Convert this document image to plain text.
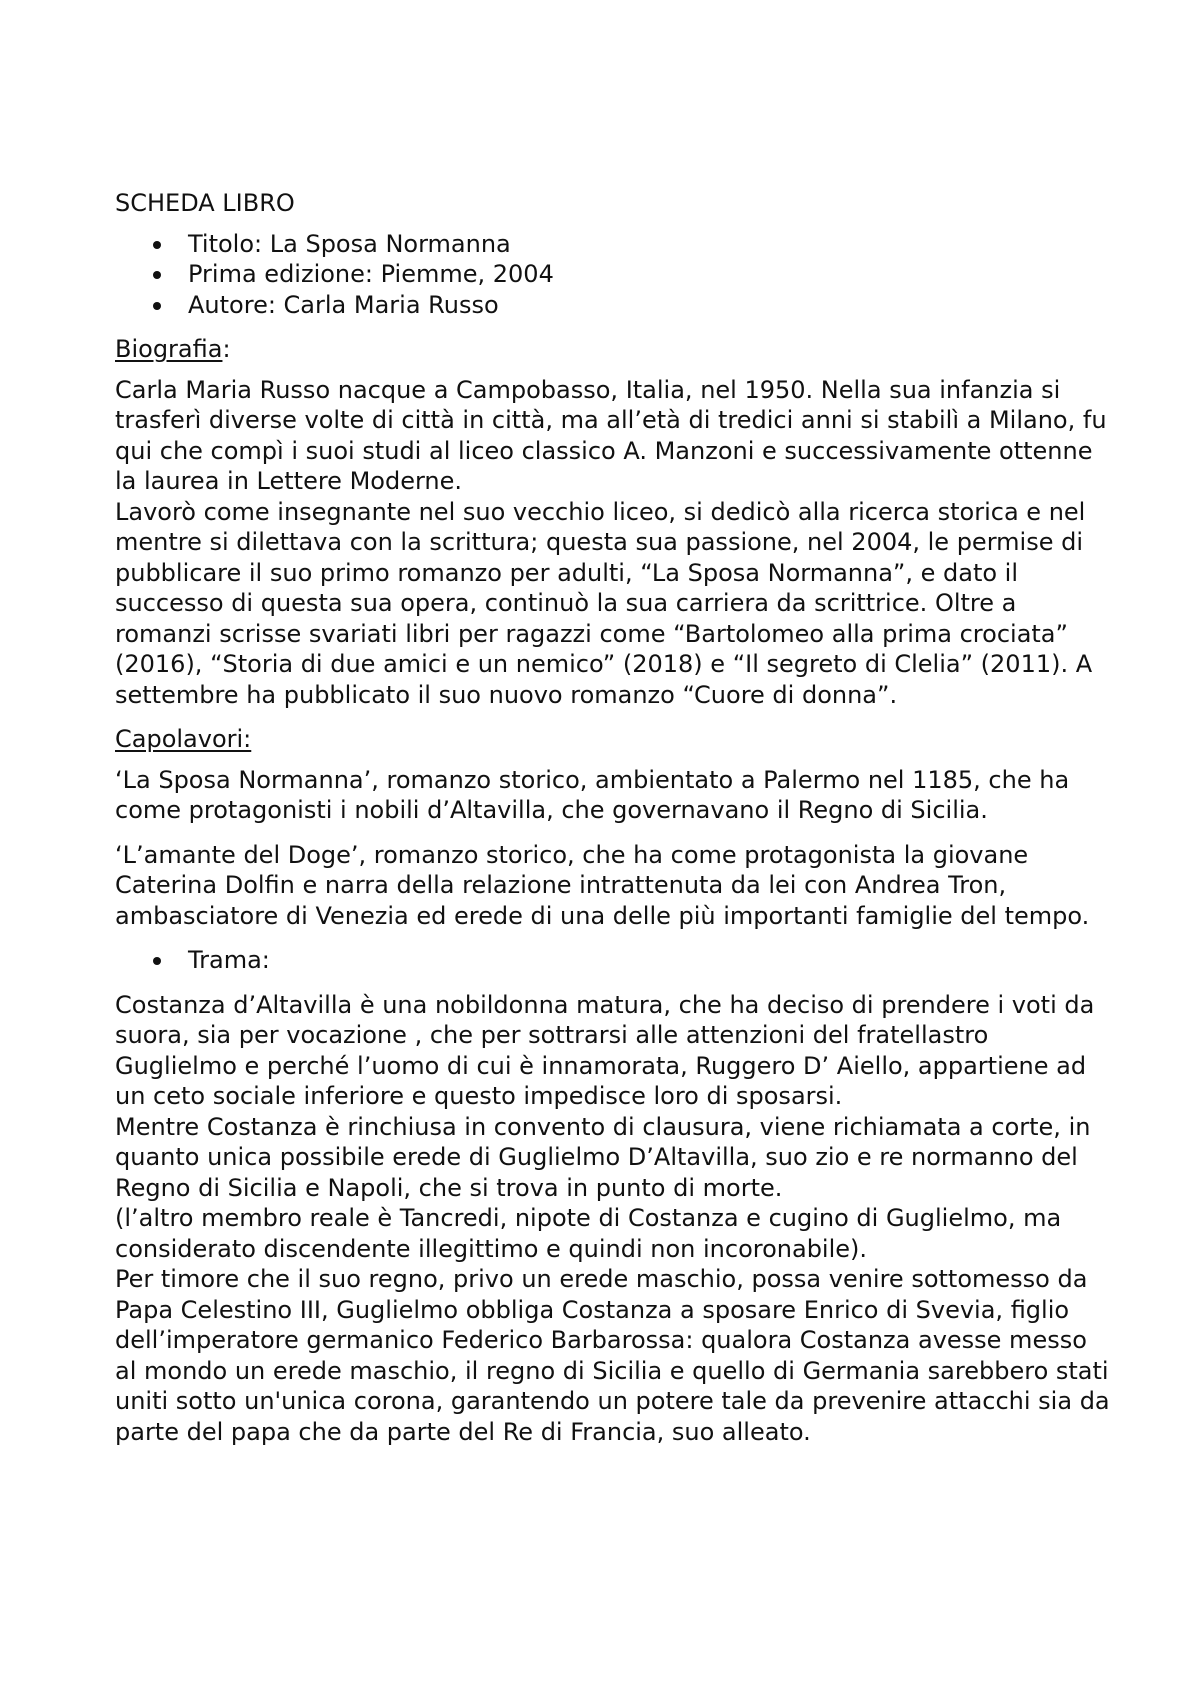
SCHEDA LIBRO
Titolo: La Sposa Normanna
Prima edizione: Piemme, 2004
Autore: Carla Maria Russo
Biografia:

Carla Maria Russo nacque a Campobasso, Italia, nel 1950. Nella sua infanzia si trasferì diverse volte di città in città, ma all’età di tredici anni si stabilì a Milano, fu qui che compì i suoi studi al liceo classico A. Manzoni e successivamente ottenne la laurea in Lettere Moderne.
Lavorò come insegnante nel suo vecchio liceo, si dedicò alla ricerca storica e nel mentre si dilettava con la scrittura; questa sua passione, nel 2004, le permise di pubblicare il suo primo romanzo per adulti, “La Sposa Normanna”, e dato il successo di questa sua opera, continuò la sua carriera da scrittrice. Oltre a romanzi scrisse svariati libri per ragazzi come “Bartolomeo alla prima crociata” (2016), “Storia di due amici e un nemico” (2018) e “Il segreto di Clelia” (2011). A settembre ha pubblicato il suo nuovo romanzo “Cuore di donna”.

Capolavori:

‘La Sposa Normanna’, romanzo storico, ambientato a Palermo nel 1185, che ha come protagonisti i nobili d’Altavilla, che governavano il Regno di Sicilia.

‘L’amante del Doge’, romanzo storico, che ha come protagonista la giovane Caterina Dolfin e narra della relazione intrattenuta da lei con Andrea Tron, ambasciatore di Venezia ed erede di una delle più importanti famiglie del tempo.

Trama:
Costanza d’Altavilla è una nobildonna matura, che ha deciso di prendere i voti da suora, sia per vocazione , che per sottrarsi alle attenzioni del fratellastro Guglielmo e perché l’uomo di cui è innamorata, Ruggero D’ Aiello, appartiene ad un ceto sociale inferiore e questo impedisce loro di sposarsi.
Mentre Costanza è rinchiusa in convento di clausura, viene richiamata a corte, in quanto unica possibile erede di Guglielmo D’Altavilla, suo zio e re normanno del Regno di Sicilia e Napoli, che si trova in punto di morte.
(l’altro membro reale è Tancredi, nipote di Costanza e cugino di Guglielmo, ma considerato discendente illegittimo e quindi non incoronabile).
Per timore che il suo regno, privo un erede maschio, possa venire sottomesso da Papa Celestino III, Guglielmo obbliga Costanza a sposare Enrico di Svevia, figlio dell’imperatore germanico Federico Barbarossa: qualora Costanza avesse messo al mondo un erede maschio, il regno di Sicilia e quello di Germania sarebbero stati uniti sotto un'unica corona, garantendo un potere tale da prevenire attacchi sia da parte del papa che da parte del Re di Francia, suo alleato.
